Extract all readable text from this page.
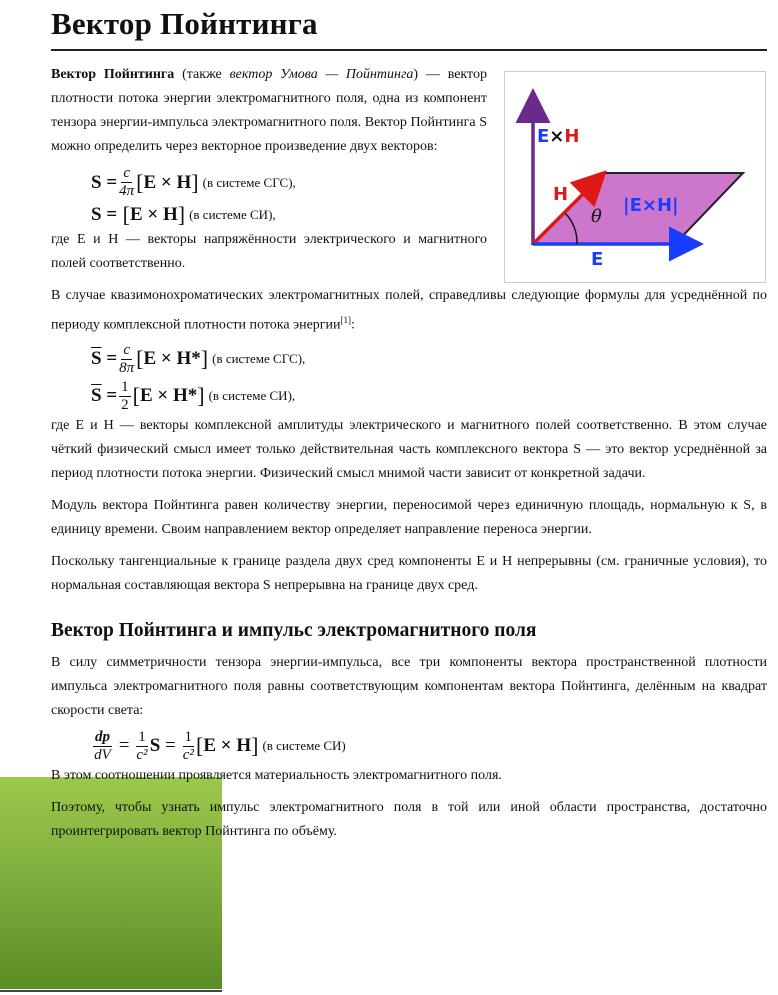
E×H
H
θ
E
|E×H|
Вектор Пойнтинга

Вектор Пойнтинга (также вектор Умова — Пойнтинга) — вектор плотности потока энергии электромагнитного поля, одна из компонент тензора энергии-импульса электромагнитного поля. Вектор Пойнтинга S можно определить через векторное произведение двух векторов:

$S = \frac{c}{4\pi}$ [ E × H ] (в системе СГС),
S = [ E × H ] (в системе СИ),

где E и H — векторы напряжённости электрического и магнитного полей соответственно.

В случае квазимонохроматических электромагнитных полей, справедливы следующие формулы для усреднённой по периоду комплексной плотности потока энергии[1]:

$\overline{S} = \frac{c}{8\pi}$ [ E × H* ] (в системе СГС),
$\overline{S} = \frac{1}{2}$ [ E × H* ] (в системе СИ),

где E и H — векторы комплексной амплитуды электрического и магнитного полей соответственно. В этом случае чёткий физический смысл имеет только действительная часть комплексного вектора S — это вектор усреднённой за период плотности потока энергии. Физический смысл мнимой части зависит от конкретной задачи.

Модуль вектора Пойнтинга равен количеству энергии, переносимой через единичную площадь, нормальную к S, в единицу времени. Своим направлением вектор определяет направление переноса энергии.

Поскольку тангенциальные к границе раздела двух сред компоненты E и H непрерывны (см. граничные условия), то нормальная составляющая вектора S непрерывна на границе двух сред.

Вектор Пойнтинга и импульс электромагнитного поля

В силу симметричности тензора энергии-импульса, все три компоненты вектора пространственной плотности импульса электромагнитного поля равны соответствующим компонентам вектора Пойнтинга, делённым на квадрат скорости света:

$\frac{dp}{dV} = \frac{1}{\text{c²}}$ $S = \frac{1}{\text{c²}}$ [ E × H ] (в системе СИ)

В этом соотношении проявляется материальность электромагнитного поля.

Поэтому, чтобы узнать импульс электромагнитного поля в той или иной области пространства, достаточно проинтегрировать вектор Пойнтинга по объёму.
